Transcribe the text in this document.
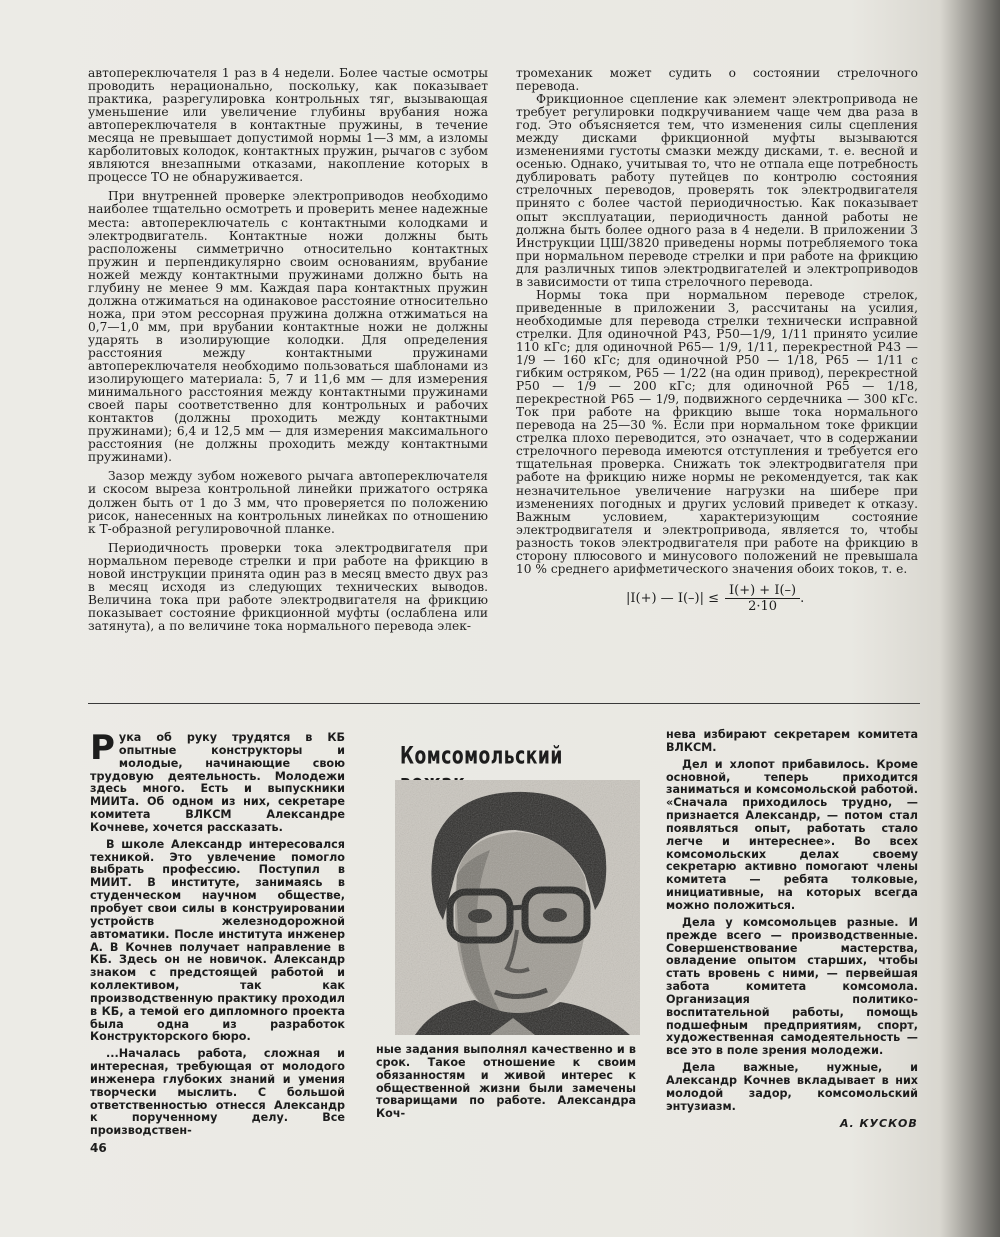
автопереключателя 1 раз в 4 недели. Более частые осмотры проводить нерационально, поскольку, как показывает практика, разрегулировка контрольных тяг, вызывающая уменьшение или увеличение глубины врубания ножа автопереключателя в контактные пружины, в течение месяца не превышает допустимой нормы 1—3 мм, а изломы карболитовых колодок, контактных пружин, рычагов с зубом являются внезапными отказами, накопление которых в процессе ТО не обнаруживается.

При внутренней проверке электроприводов необходимо наиболее тщательно осмотреть и проверить менее надежные места: автопереключатель с контактными колодками и электродвигатель. Контактные ножи должны быть расположены симметрично относительно контактных пружин и перпендикулярно своим основаниям, врубание ножей между контактными пружинами должно быть на глубину не менее 9 мм. Каждая пара контактных пружин должна отжиматься на одинаковое расстояние относительно ножа, при этом рессорная пружина должна отжиматься на 0,7—1,0 мм, при врубании контактные ножи не должны ударять в изолирующие колодки. Для определения расстояния между контактными пружинами автопереключателя необходимо пользоваться шаблонами из изолирующего материала: 5, 7 и 11,6 мм — для измерения минимального расстояния между контактными пружинами своей пары соответственно для контрольных и рабочих контактов (должны проходить между контактными пружинами); 6,4 и 12,5 мм — для измерения максимального расстояния (не должны проходить между контактными пружинами).

Зазор между зубом ножевого рычага автопереключателя и скосом выреза контрольной линейки прижатого остряка должен быть от 1 до 3 мм, что проверяется по положению рисок, нанесенных на контрольных линейках по отношению к Т-образной регулировочной планке.

Периодичность проверки тока электродвигателя при нормальном переводе стрелки и при работе на фрикцию в новой инструкции принята один раз в месяц вместо двух раз в месяц исходя из следующих технических выводов. Величина тока при работе электродвигателя на фрикцию показывает состояние фрикционной муфты (ослаблена или затянута), а по величине тока нормального перевода элек-

тромеханик может судить о состоянии стрелочного перевода.

Фрикционное сцепление как элемент электропривода не требует регулировки подкручиванием чаще чем два раза в год. Это объясняется тем, что изменения силы сцепления между дисками фрикционной муфты вызываются изменениями густоты смазки между дисками, т. е. весной и осенью. Однако, учитывая то, что не отпала еще потребность дублировать работу путейцев по контролю состояния стрелочных переводов, проверять ток электродвигателя принято с более частой периодичностью. Как показывает опыт эксплуатации, периодичность данной работы не должна быть более одного раза в 4 недели. В приложении 3 Инструкции ЦШ/3820 приведены нормы потребляемого тока при нормальном переводе стрелки и при работе на фрикцию для различных типов электродвигателей и электроприводов в зависимости от типа стрелочного перевода.

Нормы тока при нормальном переводе стрелок, приведенные в приложении 3, рассчитаны на усилия, необходимые для перевода стрелки технически исправной стрелки. Для одиночной Р43, Р50—1/9, 1/11 принято усилие 110 кГс; для одиночной Р65— 1/9, 1/11, перекрестной Р43 — 1/9 — 160 кГс; для одиночной Р50 — 1/18, Р65 — 1/11 с гибким остряком, Р65 — 1/22 (на один привод), перекрестной Р50 — 1/9 — 200 кГс; для одиночной Р65 — 1/18, перекрестной Р65 — 1/9, подвижного сердечника — 300 кГс. Ток при работе на фрикцию выше тока нормального перевода на 25—30 %. Если при нормальном токе фрикции стрелка плохо переводится, это означает, что в содержании стрелочного перевода имеются отступления и требуется его тщательная проверка. Снижать ток электродвигателя при работе на фрикцию ниже нормы не рекомендуется, так как незначительное увеличение нагрузки на шибере при изменениях погодных и других условий приведет к отказу. Важным условием, характеризующим состояние электродвигателя и электропривода, является то, чтобы разность токов электродвигателя при работе на фрикцию в сторону плюсового и минусового положений не превышала 10 % среднего арифметического значения обоих токов, т. е.

|I(+) — $I(-)| \le \frac{I(+) + I(-)}{2\cdot 10}$ .

Рука об руку трудятся в КБ опытные конструкторы и молодые, начинающие свою трудовую деятельность. Молодежи здесь много. Есть и выпускники МИИТа. Об одном из них, секретаре комитета ВЛКСМ Александре Кочневе, хочется рассказать.

В школе Александр интересовался техникой. Это увлечение помогло выбрать профессию. Поступил в МИИТ. В институте, занимаясь в студенческом научном обществе, пробует свои силы в конструировании устройств железнодорожной автоматики. После института инженер А. В Кочнев получает направление в КБ. Здесь он не новичок. Александр знаком с предстоящей работой и коллективом, так как производственную практику проходил в КБ, а темой его дипломного проекта была одна из разработок Конструкторского бюро.

...Началась работа, сложная и интересная, требующая от молодого инженера глубоких знаний и умения творчески мыслить. С большой ответственностью отнесся Александр к порученному делу. Все производствен-

Комсомольский

ные задания выполнял качественно и в срок. Такое отношение к своим обязанностям и живой интерес к общественной жизни были замечены товарищами по работе. Александра Коч-

нева избирают секретарем комитета ВЛКСМ.

Дел и хлопот прибавилось. Кроме основной, теперь приходится заниматься и комсомольской работой. «Сначала приходилось трудно, — признается Александр, — потом стал появляться опыт, работать стало легче и интереснее». Во всех комсомольских делах своему секретарю активно помогают члены комитета — ребята толковые, инициативные, на которых всегда можно положиться.

Дела у комсомольцев разные. И прежде всего — производственные. Совершенствование мастерства, овладение опытом старших, чтобы стать вровень с ними, — первейшая забота комитета комсомола. Организация политико-воспитательной работы, помощь подшефным предприятиям, спорт, художественная самодеятельность — все это в поле зрения молодежи.

Дела важные, нужные, и Александр Кочнев вкладывает в них молодой задор, комсомольский энтузиазм.

А. КУСКОВ
46
